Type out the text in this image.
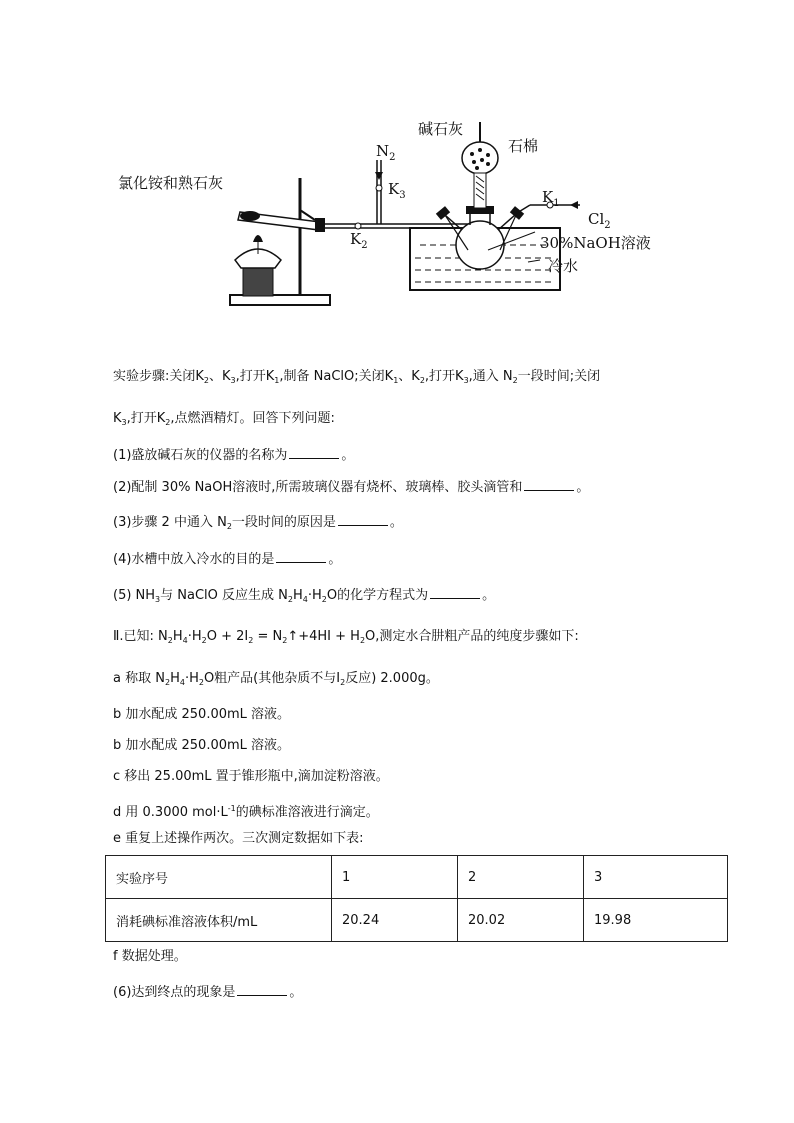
氯化铵和熟石灰
$N_2$
$K_3$
$K_2$
碱石灰
石棉
$K_1$
$Cl_2$
30%NaOH溶液
冷水
实验步骤:关闭$K_2$、$K_3$,打开$K_1$,制备 NaClO;关闭$K_1$、$K_2$,打开$K_3$,通入 $N_2$一段时间;关闭
$K_3$,打开$K_2$,点燃酒精灯。回答下列问题:
(1)盛放碱石灰的仪器的名称为	。
(2)配制 30% NaOH溶液时,所需玻璃仪器有烧杯、玻璃棒、胶头滴管和	。
(3)步骤 2 中通入 $N_2$一段时间的原因是	。
(4)水槽中放入冷水的目的是	。
(5) $NH_3$与 NaClO 反应生成 $N_2H_4\cdot H_2O$的化学方程式为	。
Ⅱ.已知: $N_2H_4\cdot H_2O + 2I_2$ = $N_2↑+4HI + H_2O$,测定水合肼粗产品的纯度步骤如下:
a 称取 $N_2H_4\cdot H_2O$粗产品(其他杂质不与$I_2$反应) 2.000g。
b 加水配成 250.00mL 溶液。
b 加水配成 250.00mL 溶液。
c 移出 25.00mL 置于锥形瓶中,滴加淀粉溶液。
d 用 0.3000 $mol\cdot L^{-1}$的碘标准溶液进行滴定。
e 重复上述操作两次。三次测定数据如下表:
实验序号	1	2	3
消耗碘标准溶液体积/mL	20.24	20.02	19.98
f 数据处理。
(6)达到终点的现象是	。
